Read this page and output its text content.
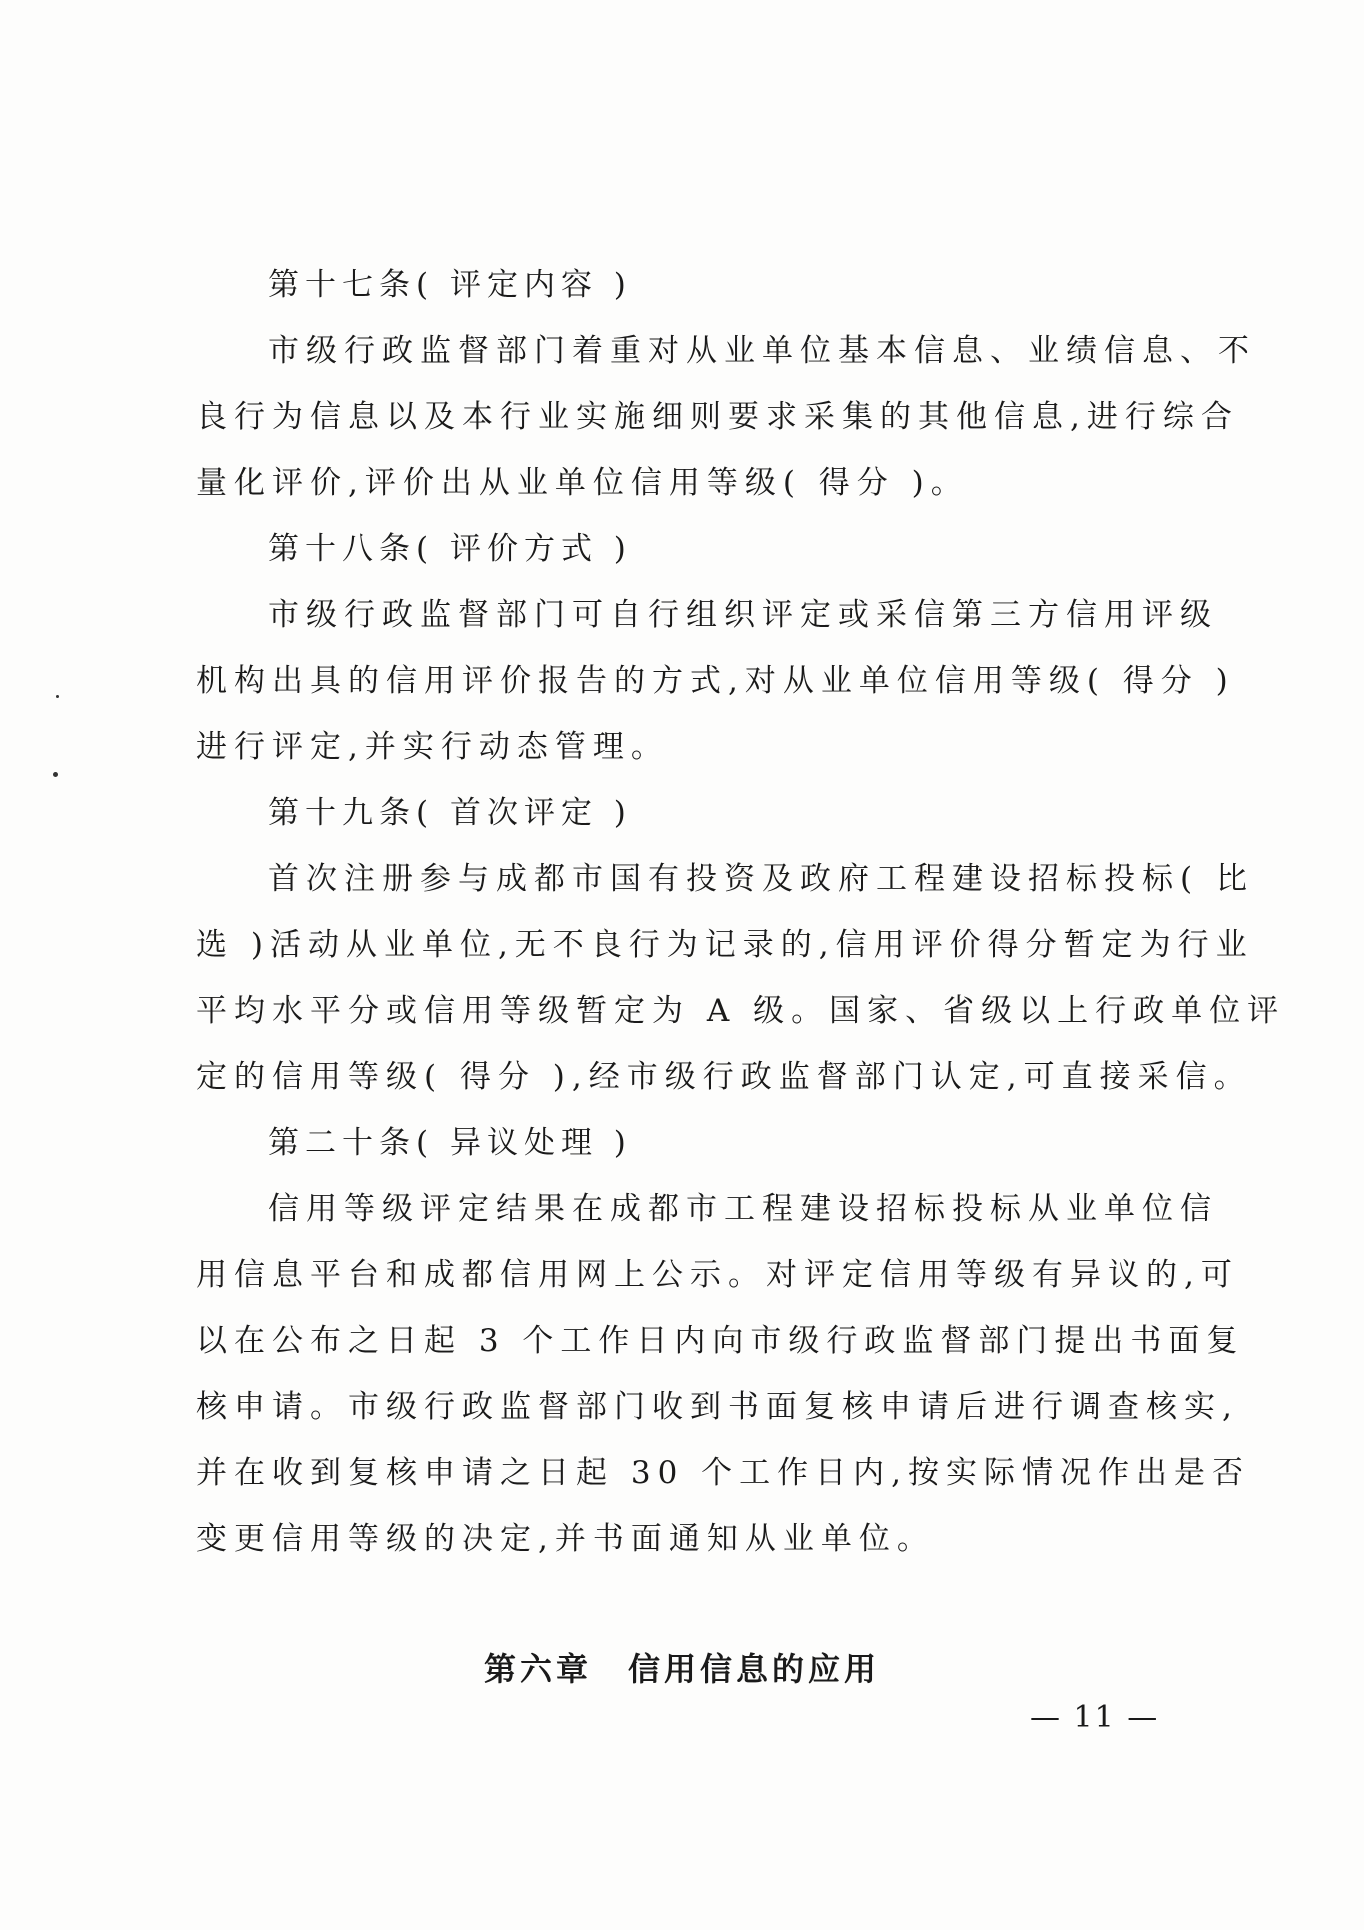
第十七条( 评定内容 )

市级行政监督部门着重对从业单位基本信息、业绩信息、不
良行为信息以及本行业实施细则要求采集的其他信息,进行综合
量化评价,评价出从业单位信用等级( 得分 )。

第十八条( 评价方式 )

市级行政监督部门可自行组织评定或采信第三方信用评级
机构出具的信用评价报告的方式,对从业单位信用等级( 得分 )
进行评定,并实行动态管理。

第十九条( 首次评定 )

首次注册参与成都市国有投资及政府工程建设招标投标( 比
选 )活动从业单位,无不良行为记录的,信用评价得分暂定为行业
平均水平分或信用等级暂定为 A 级。国家、省级以上行政单位评
定的信用等级( 得分 ),经市级行政监督部门认定,可直接采信。

第二十条( 异议处理 )

信用等级评定结果在成都市工程建设招标投标从业单位信
用信息平台和成都信用网上公示。对评定信用等级有异议的,可
以在公布之日起 3 个工作日内向市级行政监督部门提出书面复
核申请。市级行政监督部门收到书面复核申请后进行调查核实,
并在收到复核申请之日起 30 个工作日内,按实际情况作出是否
变更信用等级的决定,并书面通知从业单位。

第六章　信用信息的应用
— 11 —
